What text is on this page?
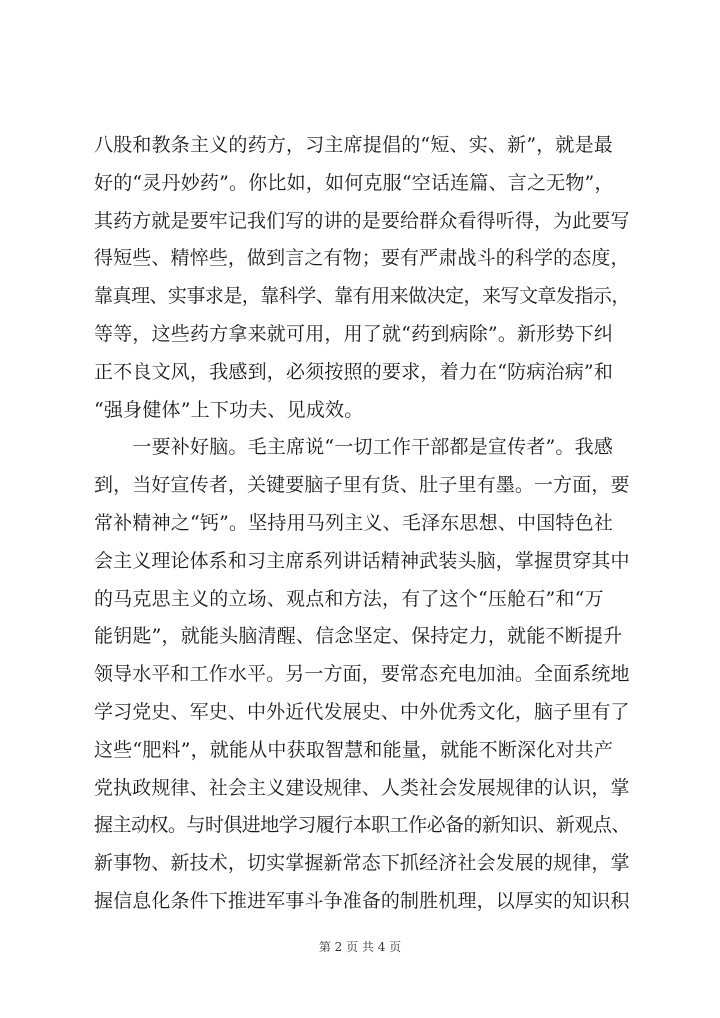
八股和教条主义的药方，习主席提倡的“短、实、新”，就是最
好的“灵丹妙药”。你比如，如何克服“空话连篇、言之无物”，
其药方就是要牢记我们写的讲的是要给群众看得听得，为此要写
得短些、精悴些，做到言之有物；要有严肃战斗的科学的态度，
靠真理、实事求是，靠科学、靠有用来做决定，来写文章发指示，
等等，这些药方拿来就可用，用了就“药到病除”。新形势下纠
正不良文风，我感到，必须按照的要求，着力在“防病治病”和
“强身健体”上下功夫、见成效。
　　一要补好脑。毛主席说“一切工作干部都是宣传者”。我感
到，当好宣传者，关键要脑子里有货、肚子里有墨。一方面，要
常补精神之“钙”。坚持用马列主义、毛泽东思想、中国特色社
会主义理论体系和习主席系列讲话精神武装头脑，掌握贯穿其中
的马克思主义的立场、观点和方法，有了这个“压舱石”和“万
能钥匙”，就能头脑清醒、信念坚定、保持定力，就能不断提升
领导水平和工作水平。另一方面，要常态充电加油。全面系统地
学习党史、军史、中外近代发展史、中外优秀文化，脑子里有了
这些“肥料”，就能从中获取智慧和能量，就能不断深化对共产
党执政规律、社会主义建设规律、人类社会发展规律的认识，掌
握主动权。与时俱进地学习履行本职工作必备的新知识、新观点、
新事物、新技术，切实掌握新常态下抓经济社会发展的规律，掌
握信息化条件下推进军事斗争准备的制胜机理，以厚实的知识积
第 2 页 共 4 页
